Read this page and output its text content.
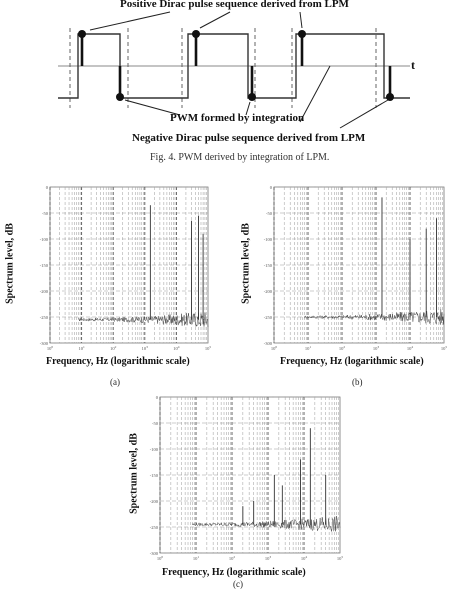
Positive Dirac pulse sequence derived from LPM
PWM formed by integration
Negative Dirac pulse sequence derived from LPM
t
Fig. 4. PWM derived by integration of LPM.
-300
-250
-200
-150
-100
-50
0
$10^0$	$10^1$	$10^2$	$10^3$	$10^4$	$10^5$
Spectrum level, dB
Frequency, Hz (logarithmic scale)
(a)
-300
-250
-200
-150
-100
-50
0
$10^0$	$10^1$	$10^2$	$10^3$	$10^4$	$10^5$
Spectrum level, dB
Frequency, Hz (logarithmic scale)
(b)
-300
-250
-200
-150
-100
-50
0
$10^0$	$10^1$	$10^2$	$10^3$	$10^4$	$10^5$
Spectrum level, dB
Frequency, Hz (logarithmic scale)
(c)
